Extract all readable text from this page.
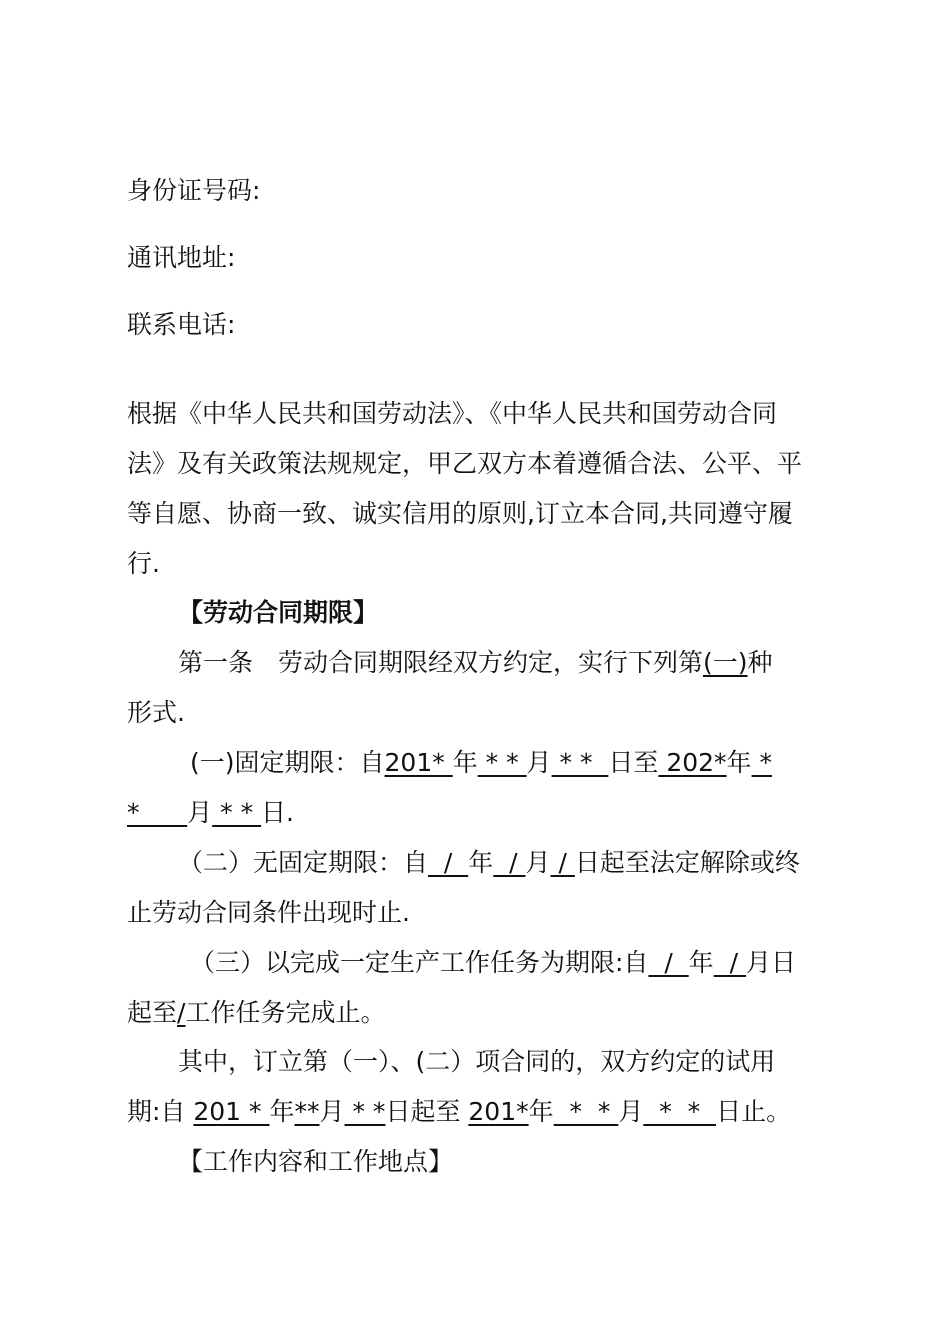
身份证号码:

通讯地址:

联系电话:

根据《中华人民共和国劳动法》、《中华人民共和国劳动合同

法》及有关政策法规规定，甲乙双方本着遵循合法、公平、平

等自愿、协商一致、诚实信用的原则,订立本合同,共同遵守履

行.

【劳动合同期限】

第一条　劳动合同期限经双方约定，实行下列第(一)种

形式.

(一)固定期限：自201* 年 * * 月 * *  日至 202*年 *

*      月 * * 日.

（二）无固定期限：自  /  年  / 月 / 日起至法定解除或终

止劳动合同条件出现时止.

（三）以完成一定生产工作任务为期限:自  /  年  / 月日

起至/工作任务完成止。

其中，订立第（一）、(二）项合同的，双方约定的试用

期:自 201 * 年**月 * *日起至 201*年  *  * 月  *  *  日止。

【工作内容和工作地点】
